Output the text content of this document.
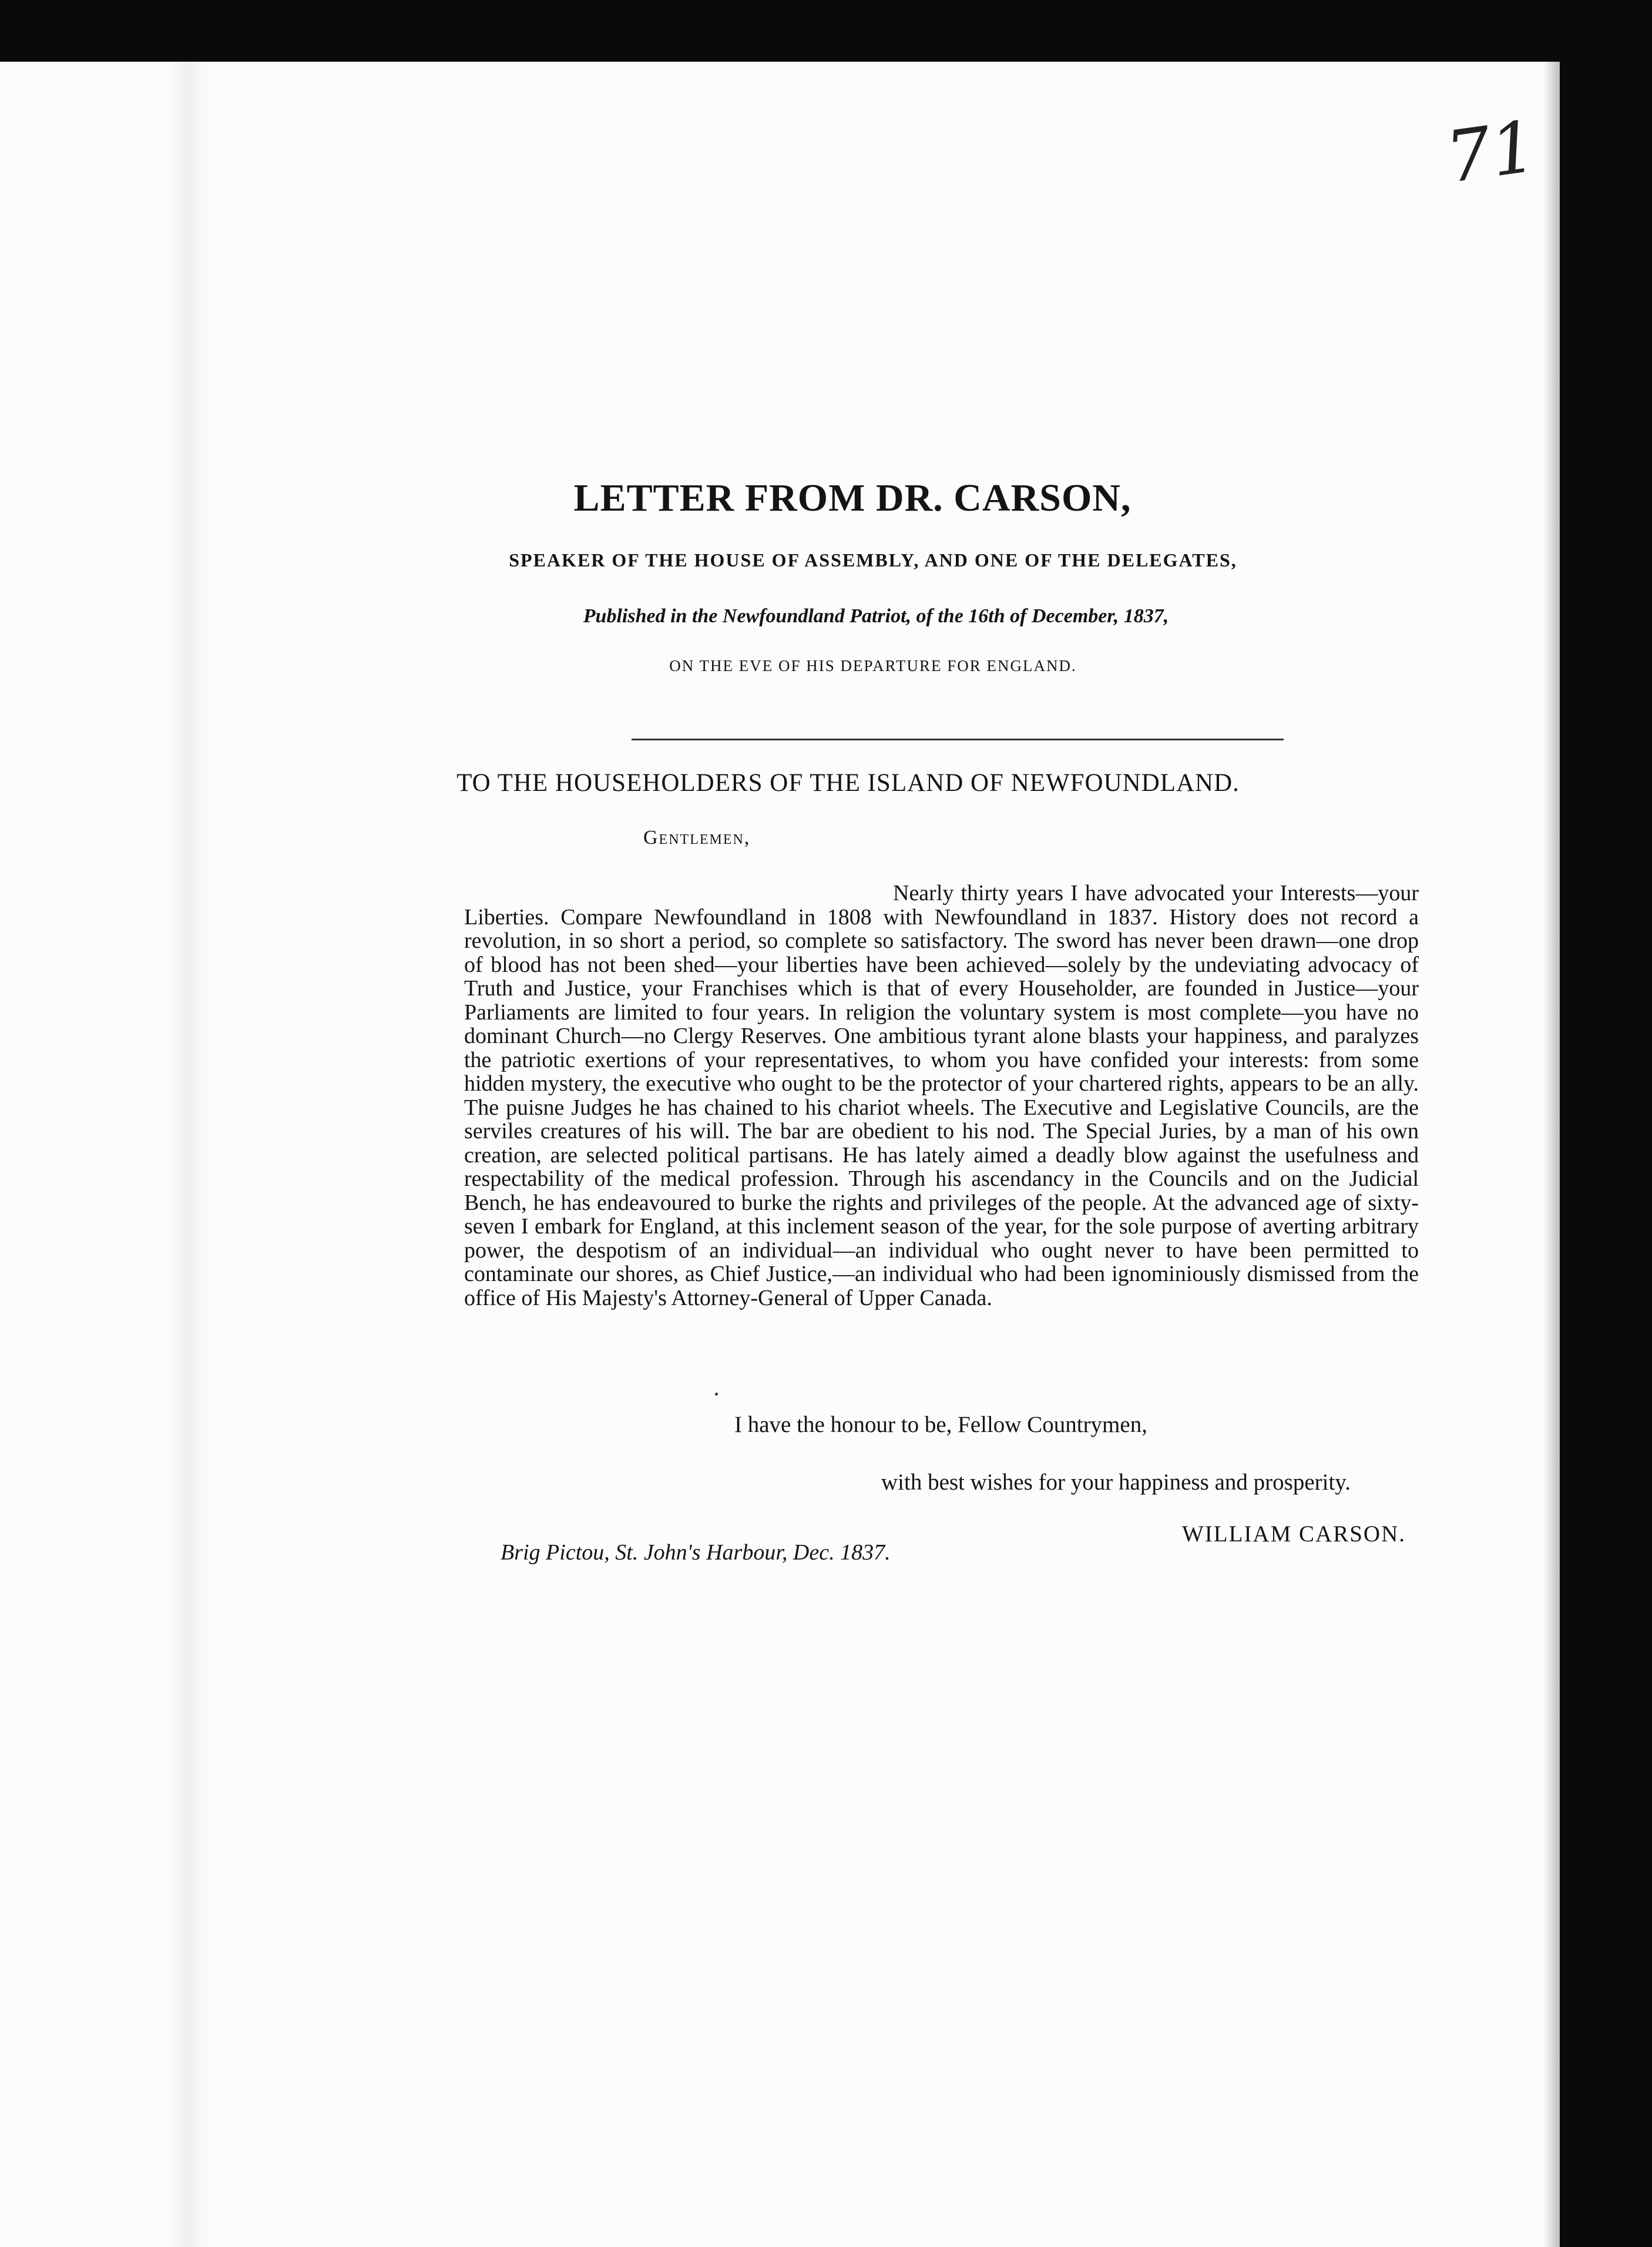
71
LETTER FROM DR. CARSON,
SPEAKER OF THE HOUSE OF ASSEMBLY, AND ONE OF THE DELEGATES,
Published in the Newfoundland Patriot, of the 16th of December, 1837,
ON THE EVE OF HIS DEPARTURE FOR ENGLAND.
TO THE HOUSEHOLDERS OF THE ISLAND OF NEWFOUNDLAND.
Gentlemen,

Nearly thirty years I have advocated your Interests—your Liberties. Compare Newfoundland in 1808 with Newfoundland in 1837. History does not record a revolution, in so short a period, so complete so satisfactory. The sword has never been drawn—one drop of blood has not been shed—your liberties have been achieved—solely by the undeviating advocacy of Truth and Justice, your Franchises which is that of every Householder, are founded in Justice—your Parliaments are limited to four years. In religion the voluntary system is most complete—you have no dominant Church—no Clergy Reserves. One ambitious tyrant alone blasts your happiness, and paralyzes the patriotic exertions of your representatives, to whom you have confided your interests: from some hidden mystery, the executive who ought to be the protector of your chartered rights, appears to be an ally. The puisne Judges he has chained to his chariot wheels. The Executive and Legislative Councils, are the serviles creatures of his will. The bar are obedient to his nod. The Special Juries, by a man of his own creation, are selected political partisans. He has lately aimed a deadly blow against the usefulness and respectability of the medical profession. Through his ascendancy in the Councils and on the Judicial Bench, he has endeavoured to burke the rights and privileges of the people. At the advanced age of sixty-seven I embark for England, at this inclement season of the year, for the sole purpose of averting arbitrary power, the despotism of an individual—an individual who ought never to have been permitted to contaminate our shores, as Chief Justice,—an individual who had been ignominiously dismissed from the office of His Majesty's Attorney-General of Upper Canada.

I have the honour to be, Fellow Countrymen,
with best wishes for your happiness and prosperity.
WILLIAM CARSON.
Brig Pictou, St. John's Harbour, Dec. 1837.
